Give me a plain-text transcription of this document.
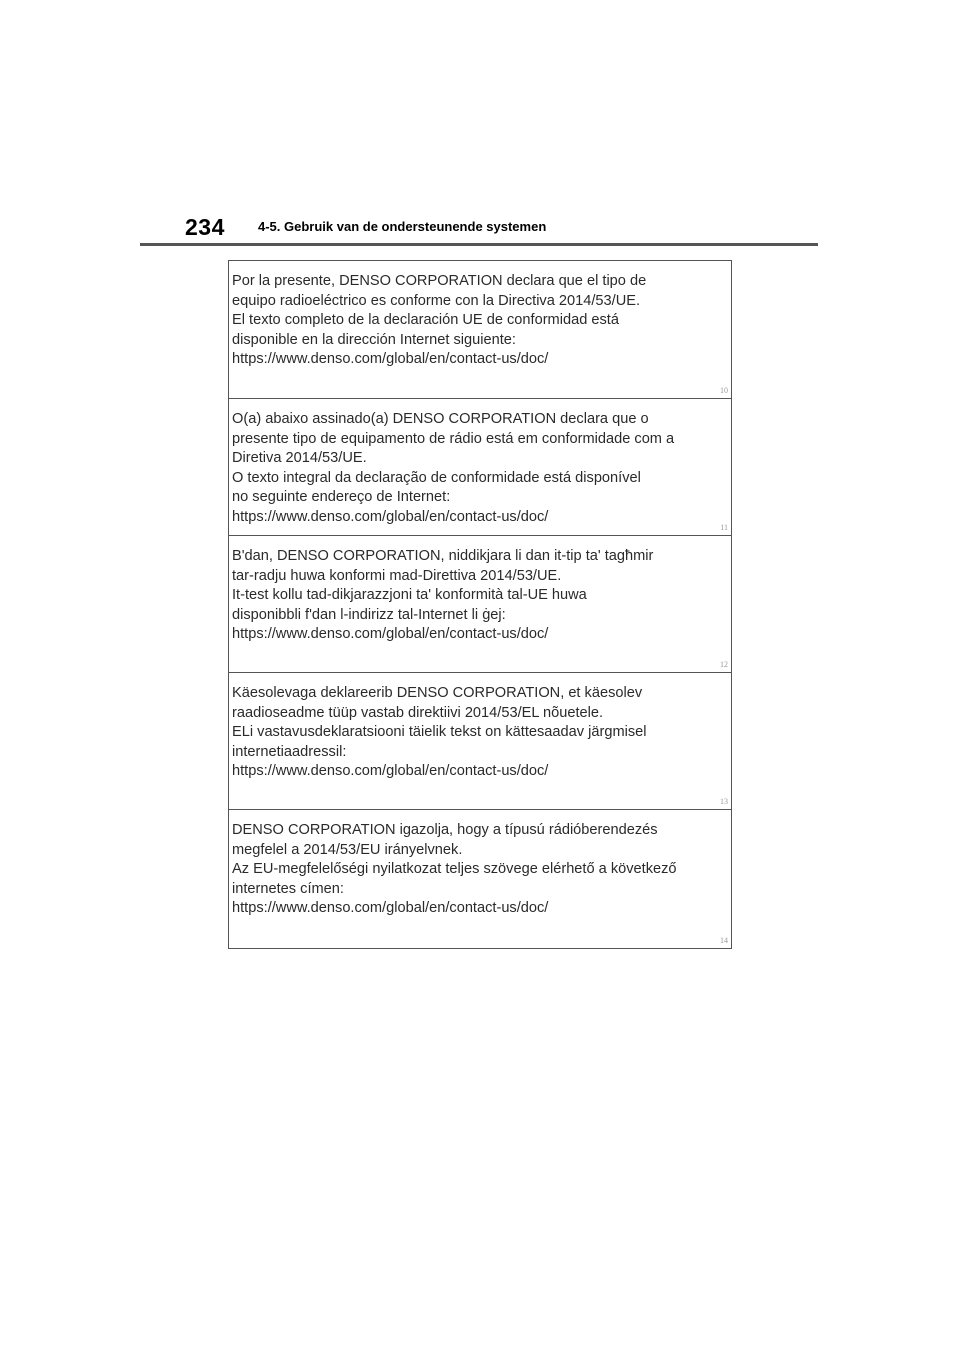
234	4-5. Gebruik van de ondersteunende systemen
Por la presente, DENSO CORPORATION declara que el tipo de
equipo radioeléctrico es conforme con la Directiva 2014/53/UE.
El texto completo de la declaración UE de conformidad está
disponible en la dirección Internet siguiente:
https://www.denso.com/global/en/contact-us/doc/
10
O(a) abaixo assinado(a) DENSO CORPORATION declara que o
presente tipo de equipamento de rádio está em conformidade com a
Diretiva 2014/53/UE.
O texto integral da declaração de conformidade está disponível
no seguinte endereço de Internet:
https://www.denso.com/global/en/contact-us/doc/
11
B'dan, DENSO CORPORATION, niddikjara li dan it-tip ta' tagħmir
tar-radju huwa konformi mad-Direttiva 2014/53/UE.
It-test kollu tad-dikjarazzjoni ta' konformità tal-UE huwa
disponibbli f'dan l-indirizz tal-Internet li ġej:
https://www.denso.com/global/en/contact-us/doc/
12
Käesolevaga deklareerib DENSO CORPORATION, et käesolev
raadioseadme tüüp vastab direktiivi 2014/53/EL nõuetele.
ELi vastavusdeklaratsiooni täielik tekst on kättesaadav järgmisel
internetiaadressil:
https://www.denso.com/global/en/contact-us/doc/
13
DENSO CORPORATION igazolja, hogy a típusú rádióberendezés
megfelel a 2014/53/EU irányelvnek.
Az EU-megfelelőségi nyilatkozat teljes szövege elérhető a következő
internetes címen:
https://www.denso.com/global/en/contact-us/doc/
14
